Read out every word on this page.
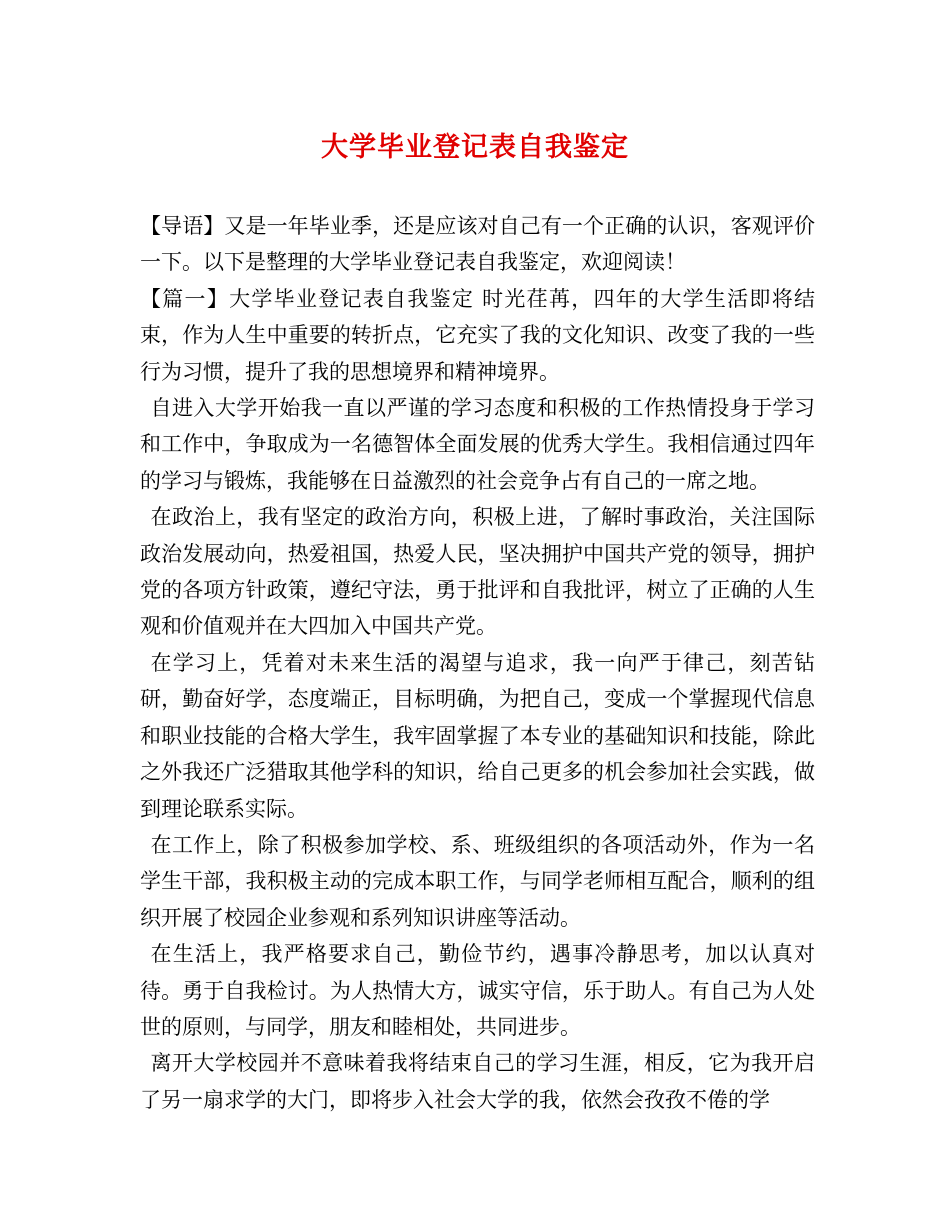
大学毕业登记表自我鉴定

【导语】又是一年毕业季，还是应该对自己有一个正确的认识，客观评价一下。以下是整理的大学毕业登记表自我鉴定，欢迎阅读！

【篇一】大学毕业登记表自我鉴定 时光荏苒，四年的大学生活即将结束，作为人生中重要的转折点，它充实了我的文化知识、改变了我的一些行为习惯，提升了我的思想境界和精神境界。

自进入大学开始我一直以严谨的学习态度和积极的工作热情投身于学习和工作中，争取成为一名德智体全面发展的优秀大学生。我相信通过四年的学习与锻炼，我能够在日益激烈的社会竞争占有自己的一席之地。

在政治上，我有坚定的政治方向，积极上进，了解时事政治，关注国际政治发展动向，热爱祖国，热爱人民，坚决拥护中国共产党的领导，拥护党的各项方针政策，遵纪守法，勇于批评和自我批评，树立了正确的人生观和价值观并在大四加入中国共产党。

在学习上，凭着对未来生活的渴望与追求，我一向严于律己，刻苦钻研，勤奋好学，态度端正，目标明确，为把自己，变成一个掌握现代信息和职业技能的合格大学生，我牢固掌握了本专业的基础知识和技能，除此之外我还广泛猎取其他学科的知识，给自己更多的机会参加社会实践，做到理论联系实际。

在工作上，除了积极参加学校、系、班级组织的各项活动外，作为一名学生干部，我积极主动的完成本职工作，与同学老师相互配合，顺利的组织开展了校园企业参观和系列知识讲座等活动。

在生活上，我严格要求自己，勤俭节约，遇事冷静思考，加以认真对待。勇于自我检讨。为人热情大方，诚实守信，乐于助人。有自己为人处世的原则，与同学，朋友和睦相处，共同进步。

离开大学校园并不意味着我将结束自己的学习生涯，相反，它为我开启了另一扇求学的大门，即将步入社会大学的我，依然会孜孜不倦的学
